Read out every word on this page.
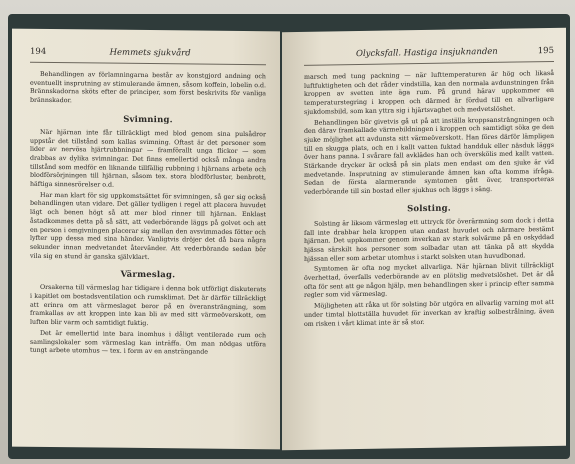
194	Hemmets sjukvård

Behandlingen av förlamningarna består av konstgjord andning och eventuellt insprutning av stimulerande ämnen, såsom koffein, lobelin o.d. Brännskadorna sköts efter de principer, som först beskrivits för vanliga brännskador.

Svimning.

När hjärnan inte får tillräckligt med blod genom sina pulsådror uppstår det tillstånd som kallas svimning. Oftast är det personer som lider av nervösa hjärtrubbningar — framförallt unga flickor — som drabbas av dylika svimningar. Det finns emellertid också många andra tillstånd som medför en liknande tillfällig rubbning i hjärnans arbete och blodförsörjningen till hjärnan, såsom tex. stora blodförluster, benbrott, häftiga sinnesrörelser o.d.

Har man klart för sig uppkomstsättet för svimningen, så ger sig också behandlingen utan vidare. Det gäller tydligen i regel att placera huvudet lägt och benen högt så att mer blod rinner till hjärnan. Enklast åstadkommes detta på så sätt, att vederbörande läggs på golvet och att en person i omgivningen placerar sig mellan den avsvimmades fötter och lyfter upp dessa med sina händer. Vanligtvis dröjer det då bara några sekunder innan medvetandet återvänder. Att vederbörande sedan bör vila sig en stund är ganska självklart.

Värmeslag.

Orsakerna till värmeslag har tidigare i denna bok utförligt diskuterats i kapitlet om bostadsventilation och rumsklimat. Det är därför tillräckligt att erinra om att värmeslaget beror på en överansträngning, som framkallas av att kroppen inte kan bli av med sitt värmeöverskott, om luften blir varm och samtidigt fuktig.

Det är emellertid inte bara inomhus i dåligt ventilerade rum och samlingslokaler som värmeslag kan inträffa. Om man nödgas utföra tungt arbete utomhus — tex. i form av en ansträngande

Olycksfall. Hastiga insjuknanden	195

marsch med tung packning — när lufttemperaturen är hög och likaså luftfuktigheten och det råder vindstilla, kan den normala avdunstningen från kroppen av svetten inte äga rum. På grund härav uppkommer en temperaturstegring i kroppen och därmed är fördud till en allvarligare sjukdomsbild, som kan yttra sig i hjärtsvaghet och medvetslöshet.

Behandlingen bör givetvis gå ut på att inställa kroppsansträngningen och den därav framkallade värmebildningen i kroppen och samtidigt söka ge den sjuke möjlighet att avdunsta sitt värmeöverskott. Han föres därför lämpligen till en skugga plats, och en i kallt vatten fuktad handduk eller näsduk läggs över hans panna. I svårare fall avklädes han och överskölis med kallt vatten. Stärkande drycker är också på sin plats men endast om den sjuke är vid medvetande. Insprutning av stimulerande ämnen kan ofta komma ifråga. Sedan de första alarmerande symtomen gått över, transporteras vederbörande till sin bostad eller sjukhus och läggs i säng.

Solsting.

Solsting är liksom värmeslag ett uttryck för överärmning som dock i detta fall inte drabbar hela kroppen utan endast huvudet och närmare bestämt hjärnan. Det uppkommer genom inverkan av stark solvärme på en oskyddad hjässa särskilt hos personer som solbadar utan att tänka på att skydda hjässan eller som arbetar utomhus i starkt solsken utan huvudbonad.

Symtomen är ofta nog mycket allvarliga. När hjärnan blivit tillräckligt överhettad, överfalls vederbörande av en plötslig medvetslöshet. Det är då ofta för sent att ge någon hjälp, men behandlingen sker i princip efter samma regler som vid värmeslag.

Möjligheten att råka ut för solsting bör utgöra en allvarlig varning mot att under timtal blottställa huvudet för inverkan av kraftig solbestrålning, även om risken i vårt klimat inte är så stor.
